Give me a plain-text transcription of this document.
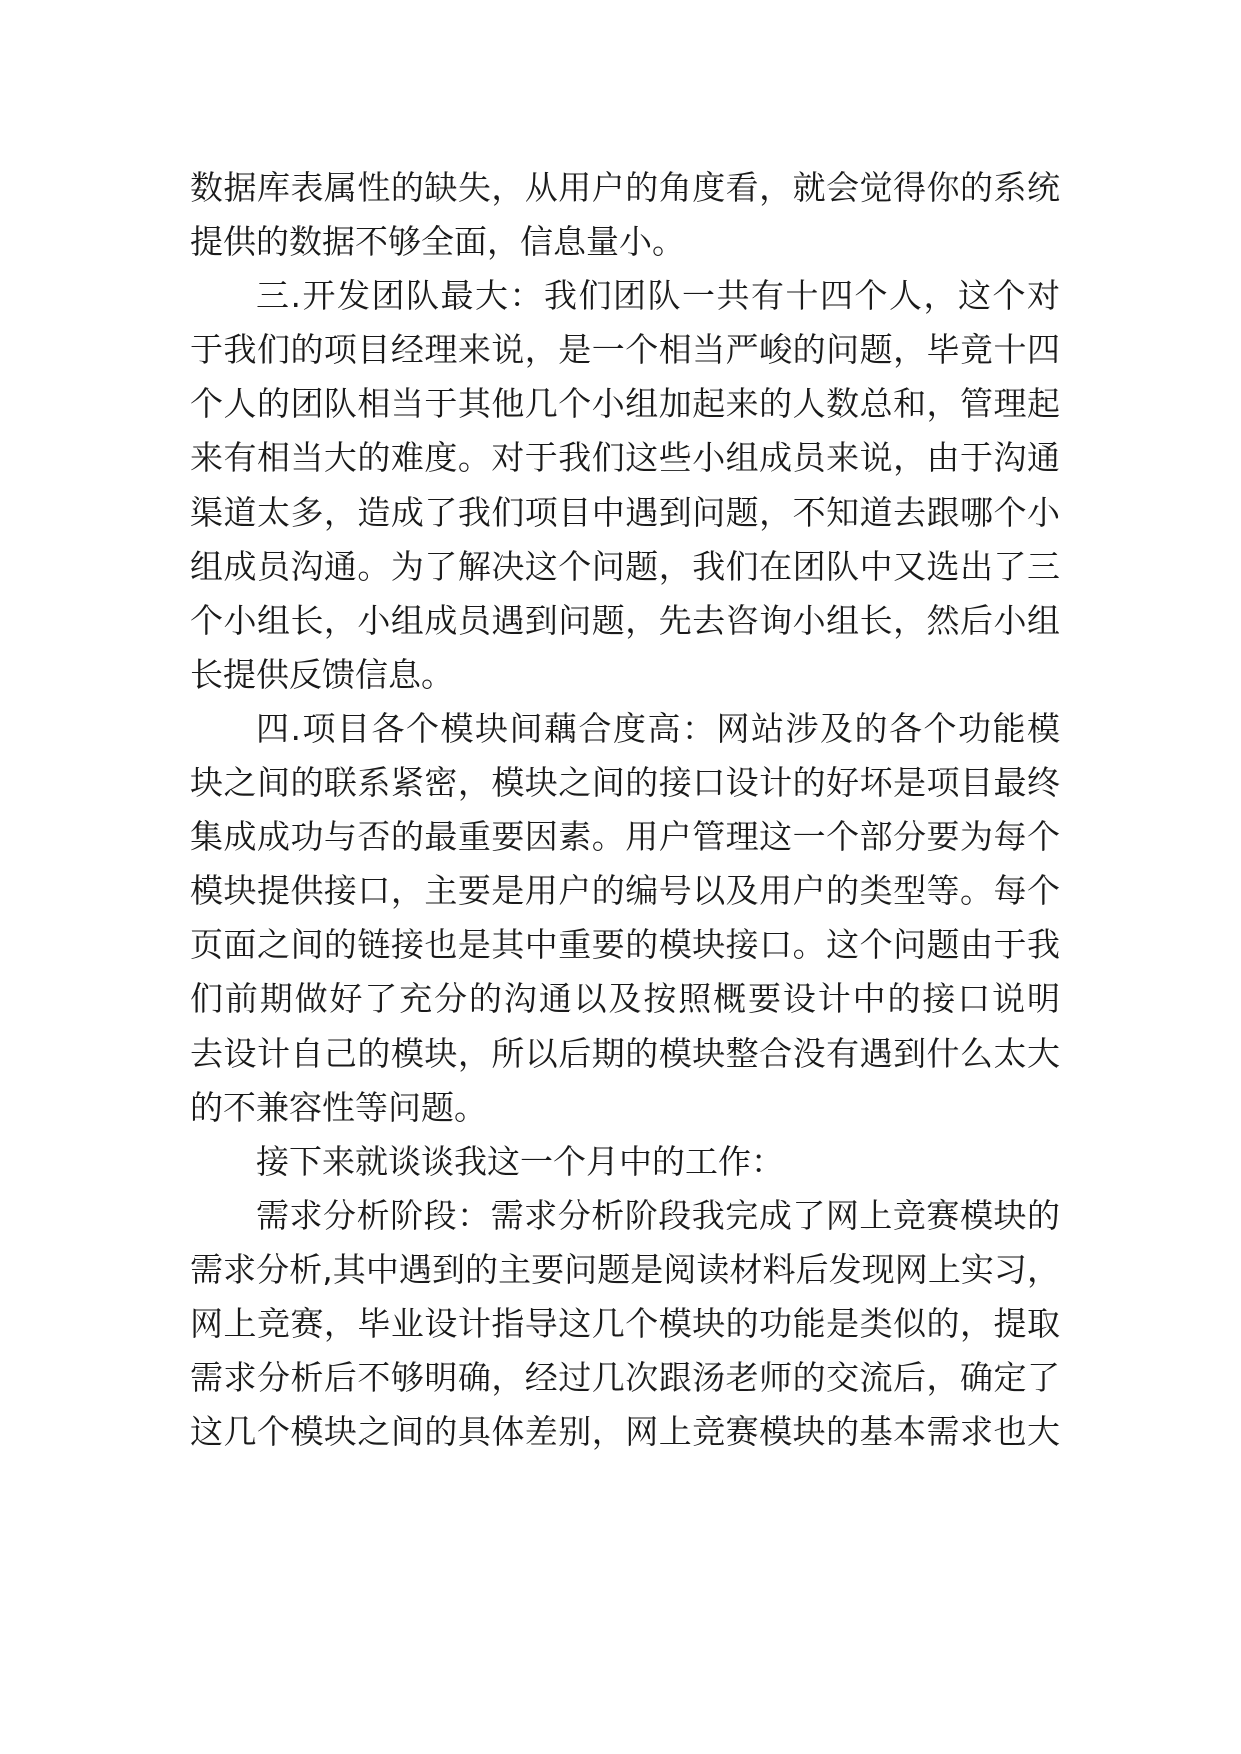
数据库表属性的缺失，从用户的角度看，就会觉得你的系统
提供的数据不够全面，信息量小。
三.开发团队最大：我们团队一共有十四个人，这个对
于我们的项目经理来说，是一个相当严峻的问题，毕竟十四
个人的团队相当于其他几个小组加起来的人数总和，管理起
来有相当大的难度。对于我们这些小组成员来说，由于沟通
渠道太多，造成了我们项目中遇到问题，不知道去跟哪个小
组成员沟通。为了解决这个问题，我们在团队中又选出了三
个小组长，小组成员遇到问题，先去咨询小组长，然后小组
长提供反馈信息。
四.项目各个模块间藕合度高：网站涉及的各个功能模
块之间的联系紧密，模块之间的接口设计的好坏是项目最终
集成成功与否的最重要因素。用户管理这一个部分要为每个
模块提供接口，主要是用户的编号以及用户的类型等。每个
页面之间的链接也是其中重要的模块接口。这个问题由于我
们前期做好了充分的沟通以及按照概要设计中的接口说明
去设计自己的模块，所以后期的模块整合没有遇到什么太大
的不兼容性等问题。
接下来就谈谈我这一个月中的工作：
需求分析阶段：需求分析阶段我完成了网上竞赛模块的
需求分析,其中遇到的主要问题是阅读材料后发现网上实习，
网上竞赛，毕业设计指导这几个模块的功能是类似的，提取
需求分析后不够明确，经过几次跟汤老师的交流后，确定了
这几个模块之间的具体差别，网上竞赛模块的基本需求也大
